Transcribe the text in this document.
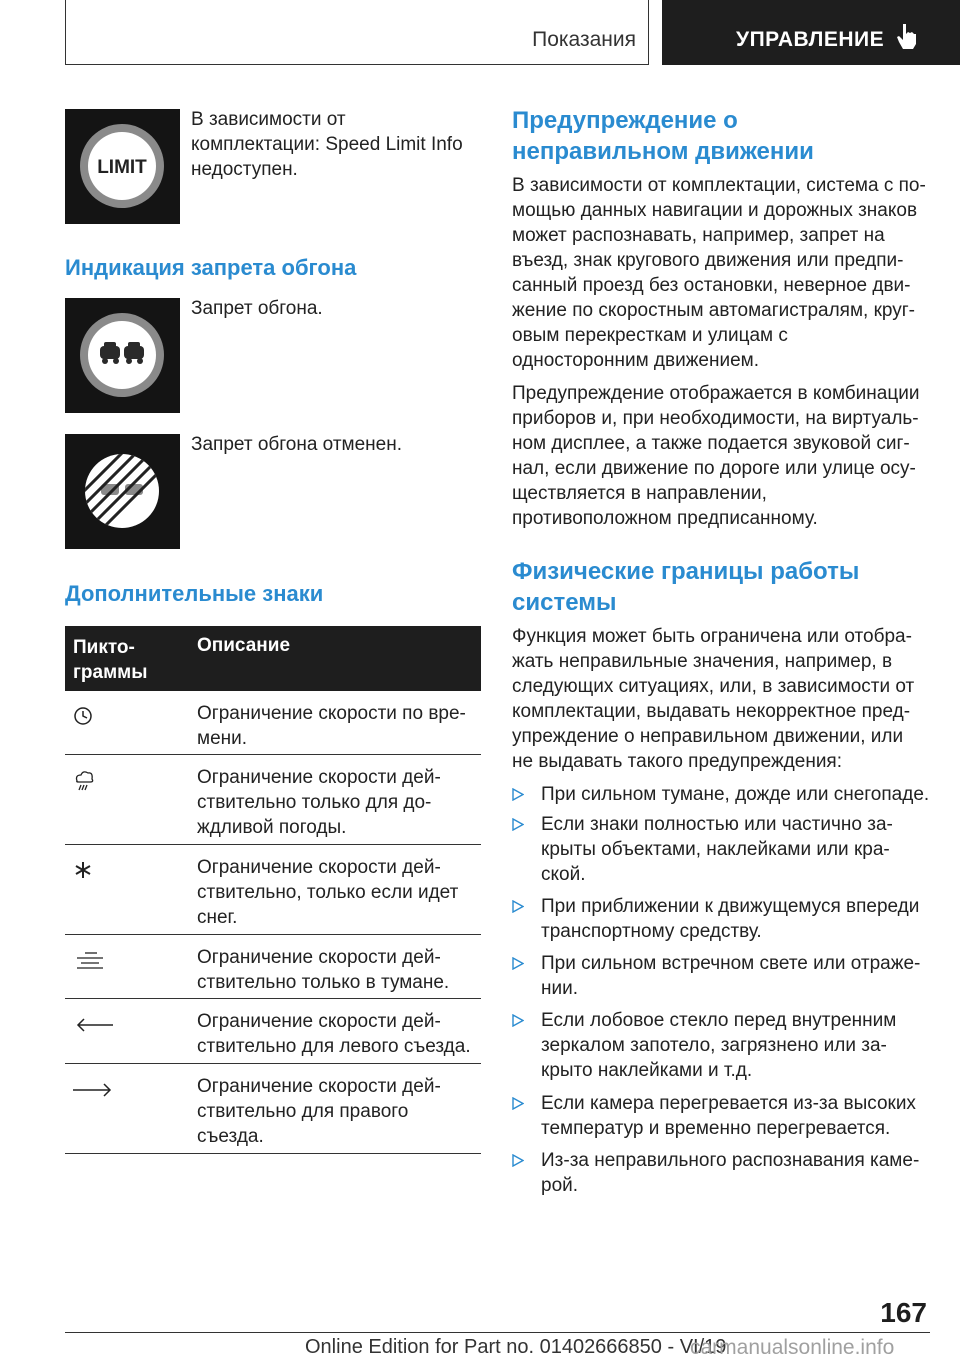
Показания	УПРАВЛЕНИЕ
LIMIT
В зависимости от
комплектации: Speed Limit Info
недоступен.
Индикация запрета обгона
Запрет обгона.
Запрет обгона отменен.
Дополнительные знаки
Пикто-
граммы
Описание
Ограничение скорости по вре-
мени.
Ограничение скорости дей-
ствительно только для до-
ждливой погоды.
Ограничение скорости дей-
ствительно, только если идет
снег.
Ограничение скорости дей-
ствительно только в тумане.
Ограничение скорости дей-
ствительно для левого съезда.
Ограничение скорости дей-
ствительно для правого
съезда.
Предупреждение о
неправильном движении
В зависимости от комплектации, система с по-
мощью данных навигации и дорожных знаков
может распознавать, например, запрет на
въезд, знак кругового движения или предпи-
санный проезд без остановки, неверное дви-
жение по скоростным автомагистралям, круг-
овым перекресткам и улицам с
односторонним движением.
Предупреждение отображается в комбинации
приборов и, при необходимости, на виртуаль-
ном дисплее, а также подается звуковой сиг-
нал, если движение по дороге или улице осу-
ществляется в направлении,
противоположном предписанному.
Физические границы работы
системы
Функция может быть ограничена или отобра-
жать неправильные значения, например, в
следующих ситуациях, или, в зависимости от
комплектации, выдавать некорректное пред-
упреждение о неправильном движении, или
не выдавать такого предупреждения:
При сильном тумане, дожде или снегопаде.
Если знаки полностью или частично за-
крыты объектами, наклейками или кра-
ской.
При приближении к движущемуся впереди
транспортному средству.
При сильном встречном свете или отраже-
нии.
Если лобовое стекло перед внутренним
зеркалом запотело, загрязнено или за-
крыто наклейками и т.д.
Если камера перегревается из-за высоких
температур и временно перегревается.
Из-за неправильного распознавания каме-
рой.
167
Online Edition for Part no. 01402666850 - VI/19
carmanualsonline.info
